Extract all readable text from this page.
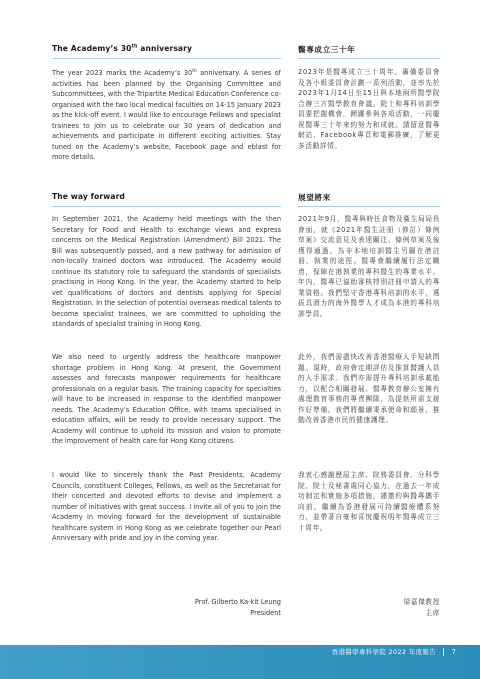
The Academy’s 30th anniversary	醫專成立三十年
The year 2023 marks the Academy’s 30th anniversary. A series of activities has been planned by the Organising Committee and Subcommittees, with the Tripartite Medical Education Conference co-organised with the two local medical faculties on 14-15 January 2023 as the kick-off event. I would like to encourage Fellows and specialist trainees to join us to celebrate our 30 years of dedication and achievements and participate in different exciting activities. Stay tuned on the Academy’s website, Facebook page and eblast for more details.
2023年是醫專成立三十周年。籌備委員會及各小組委員會計劃一系列活動，並率先於2023年1月14日至15日與本地兩所醫學院合辦三方醫學教育會議。院士和專科培訓學員要把握機會，踴躍參與各項活動，一同慶祝醫專三十年來的努力和成就。請留意醫專網站、Facebook專頁和電郵推廣，了解更多活動詳情。
The way forward	展望將來
In September 2021, the Academy held meetings with the then Secretary for Food and Health to exchange views and express concerns on the Medical Registration (Amendment) Bill 2021. The Bill was subsequently passed, and a new pathway for admission of non-locally trained doctors was introduced. The Academy would continue its statutory role to safeguard the standards of specialists practising in Hong Kong. In the year, the Academy started to help vet qualifications of doctors and dentists applying for Special Registration. In the selection of potential overseas medical talents to become specialist trainees, we are committed to upholding the standards of specialist training in Hong Kong.
2021年9月，醫專與時任食物及衞生局局長會面，就《2021年醫生註冊（修訂）條例草案》交流意見及表達關注。條例草案及後獲得通過，為非本地培訓醫生另闢在港註冊、執業的途徑。醫專會繼續履行法定職責，保障在港執業的專科醫生的專業水平。年內，醫專已協助審核特別註冊申請人的專業資格。我們堅守香港專科培訓的水平，選拔具潛力的海外醫學人才成為本港的專科培訓學員。
We also need to urgently address the healthcare manpower shortage problem in Hong Kong. At present, the Government assesses and forecasts manpower requirements for healthcare professionals on a regular basis. The training capacity for specialties will have to be increased in response to the identified manpower needs. The Academy’s Education Office, with teams specialised in education affairs, will be ready to provide necessary support. The Academy will continue to uphold its mission and vision to promote the improvement of health care for Hong Kong citizens.
此外，我們需盡快改善香港醫療人手短缺問題。現時，政府會定期評估及推算醫護人員的人手需求。我們亦需提升專科培訓承載能力，以配合相關發展。醫專教育辦公室擁有處理教育事務的專責團隊，為提供所需支援作好準備。我們將繼續秉承使命和願景，推動改善香港市民的健康護理。
I would like to sincerely thank the Past Presidents, Academy Councils, constituent Colleges, Fellows, as well as the Secretariat for their concerted and devoted efforts to devise and implement a number of initiatives with great success. I invite all of you to join the Academy in moving forward for the development of sustainable healthcare system in Hong Kong as we celebrate together our Pearl Anniversary with pride and joy in the coming year.
我衷心感謝歷屆主席、院務委員會、分科學院、院士及秘書處同心協力，在過去一年成功制定和實施多項措施。謹邀約與醫專攜手向前，繼續為香港發展可持續醫療體系努力，並帶著自豪和喜悅慶祝明年醫專成立三十周年。
Prof. Gilberto Ka-kit Leung
President
梁嘉傑教授
主席
香港醫學專科學院 2022 年度報告 7
